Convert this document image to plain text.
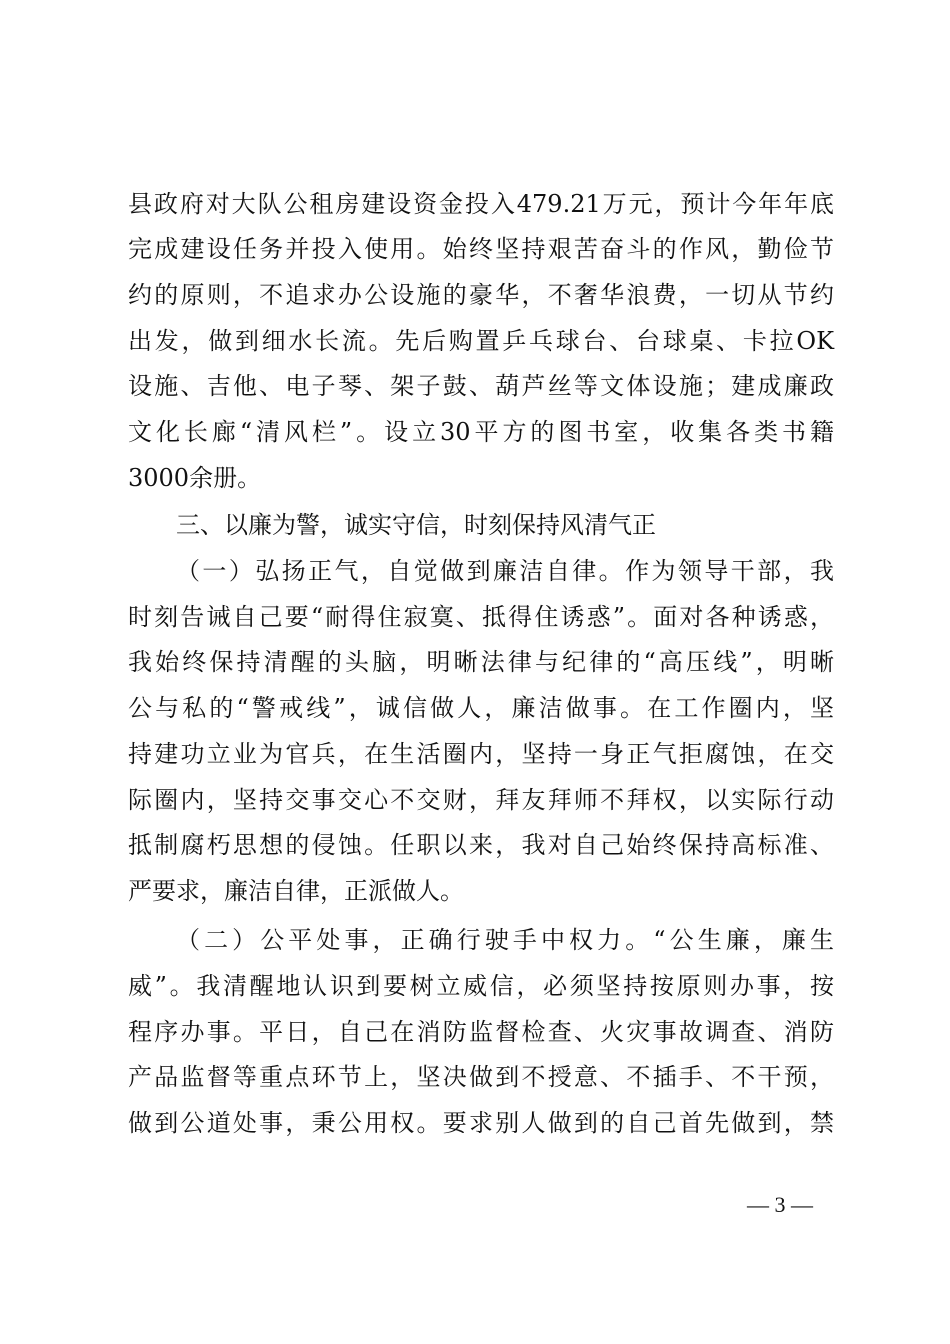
县政府对大队公租房建设资金投入479.21万元，预计今年年底
完成建设任务并投入使用。始终坚持艰苦奋斗的作风，勤俭节
约的原则，不追求办公设施的豪华，不奢华浪费，一切从节约
出发，做到细水长流。先后购置乒乓球台、台球桌、卡拉OK
设施、吉他、电子琴、架子鼓、葫芦丝等文体设施；建成廉政
文化长廊“清风栏”。设立30平方的图书室，收集各类书籍
3000余册。
三、以廉为警，诚实守信，时刻保持风清气正
（一）弘扬正气，自觉做到廉洁自律。作为领导干部，我
时刻告诫自己要“耐得住寂寞、抵得住诱惑”。面对各种诱惑，
我始终保持清醒的头脑，明晰法律与纪律的“高压线”，明晰
公与私的“警戒线”，诚信做人，廉洁做事。在工作圈内，坚
持建功立业为官兵，在生活圈内，坚持一身正气拒腐蚀，在交
际圈内，坚持交事交心不交财，拜友拜师不拜权，以实际行动
抵制腐朽思想的侵蚀。任职以来，我对自己始终保持高标准、
严要求，廉洁自律，正派做人。
（二）公平处事，正确行驶手中权力。“公生廉，廉生
威”。我清醒地认识到要树立威信，必须坚持按原则办事，按
程序办事。平日，自己在消防监督检查、火灾事故调查、消防
产品监督等重点环节上，坚决做到不授意、不插手、不干预，
做到公道处事，秉公用权。要求别人做到的自己首先做到，禁
— 3 —
